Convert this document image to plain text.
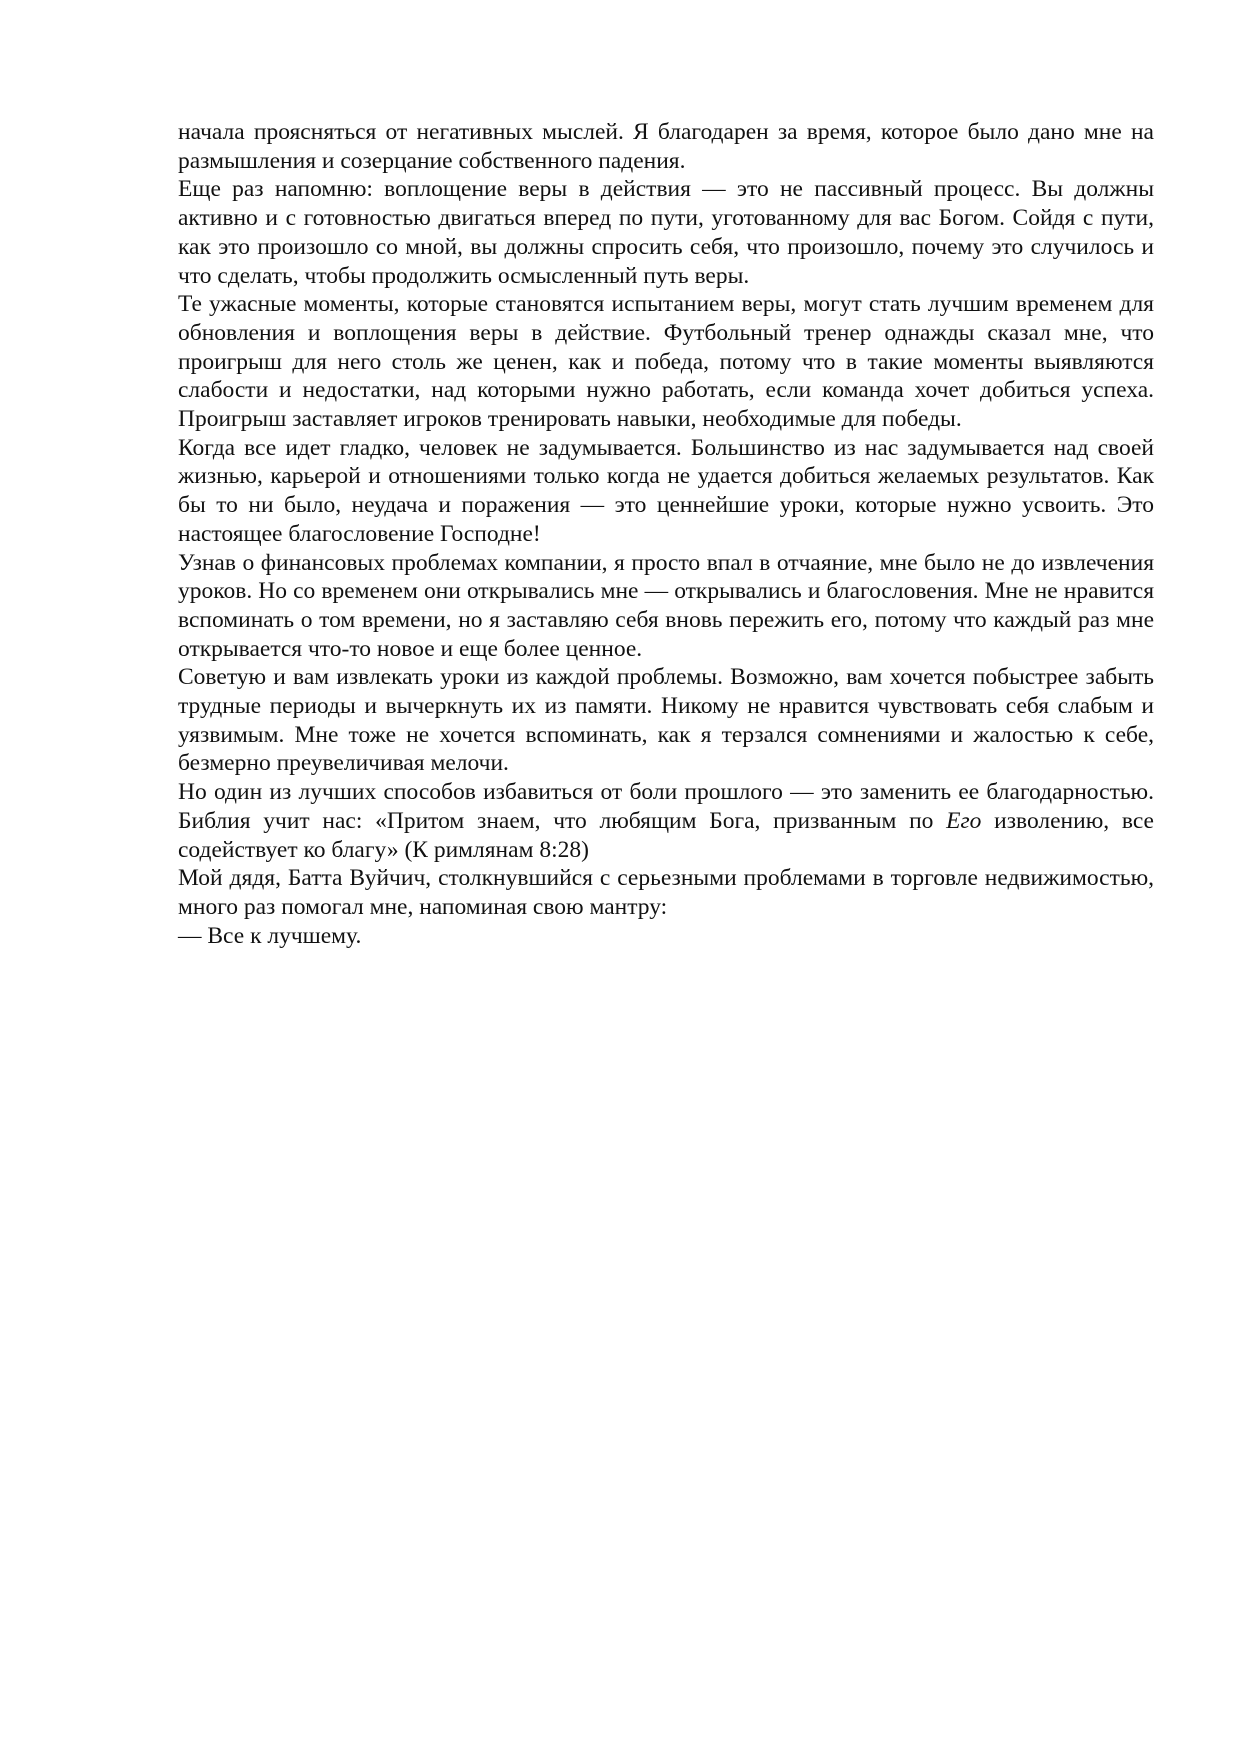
начала проясняться от негативных мыслей. Я благодарен за время, которое было дано мне на размышления и созерцание собственного падения.

Еще раз напомню: воплощение веры в действия — это не пассивный процесс. Вы должны активно и с готовностью двигаться вперед по пути, уготованному для вас Богом. Сойдя с пути, как это произошло со мной, вы должны спросить себя, что произошло, почему это случилось и что сделать, чтобы продолжить осмысленный путь веры.

Те ужасные моменты, которые становятся испытанием веры, могут стать лучшим временем для обновления и воплощения веры в действие. Футбольный тренер однажды сказал мне, что проигрыш для него столь же ценен, как и победа, потому что в такие моменты выявляются слабости и недостатки, над которыми нужно работать, если команда хочет добиться успеха. Проигрыш заставляет игроков тренировать навыки, необходимые для победы.

Когда все идет гладко, человек не задумывается. Большинство из нас задумывается над своей жизнью, карьерой и отношениями только когда не удается добиться желаемых результатов. Как бы то ни было, неудача и поражения — это ценнейшие уроки, которые нужно усвоить. Это настоящее благословение Господне!

Узнав о финансовых проблемах компании, я просто впал в отчаяние, мне было не до извлечения уроков. Но со временем они открывались мне — открывались и благословения. Мне не нравится вспоминать о том времени, но я заставляю себя вновь пережить его, потому что каждый раз мне открывается что-то новое и еще более ценное.

Советую и вам извлекать уроки из каждой проблемы. Возможно, вам хочется побыстрее забыть трудные периоды и вычеркнуть их из памяти. Никому не нравится чувствовать себя слабым и уязвимым. Мне тоже не хочется вспоминать, как я терзался сомнениями и жалостью к себе, безмерно преувеличивая мелочи.

Но один из лучших способов избавиться от боли прошлого — это заменить ее благодарностью. Библия учит нас: «Притом знаем, что любящим Бога, призванным по Его изволению, все содействует ко благу» (К римлянам 8:28)

Мой дядя, Батта Вуйчич, столкнувшийся с серьезными проблемами в торговле недвижимостью, много раз помогал мне, напоминая свою мантру:

— Все к лучшему.
